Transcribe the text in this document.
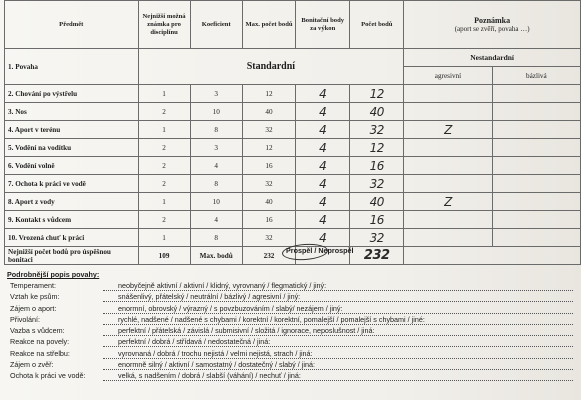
Předmět	Nejnižší možná známka pro disciplínu	Koeficient	Max. počet bodů	Bonitační body za výkon	Počet bodů	Poznámka
(aport se zvěří, povaha …)	

1. Povaha	Standardní					Nestandardní	
						agresivní	bázlivá
2. Chování po výstřelu	1	3	12	4	12		
3. Nos	2	10	40	4	40		
4. Aport v terénu	1	8	32	4	32	Z	
5. Vodění na vodítku	2	3	12	4	12		
6. Vodění volně	2	4	16	4	16		
7. Ochota k práci ve vodě	2	8	32	4	32		
8. Aport z vody	1	10	40	4	40	Z	
9. Kontakt s vůdcem	2	4	16	4	16		
10. Vrozená chuť k práci	1	8	32	4	32		
Nejnižší počet bodů pro úspěšnou bonitaci	109	Max. bodů	232		232		
Prospěl / Neprospěl
Podrobnější popis povahy:
Temperament:	neobyčejně aktivní / aktivní / klidný, vyrovnaný / flegmatický / jiný:
Vztah ke psům:	snášenlivý, přátelský / neutrální / bázlivý / agresivní / jiný:
Zájem o aport:	enormní, obrovský / výrazný / s povzbuzováním / slabý/ nezájem / jiný:
Přivolání:	rychlé, nadšené / nadšené s chybami / korektní / korektní, pomalejší / pomalejší s chybami / jiné:
Vazba s vůdcem:	perfektní / přátelská / závislá / submisivní / složitá / ignorace, neposlušnost / jiná:
Reakce na povely:	perfektní / dobrá / střídavá / nedostatečná / jiná:
Reakce na střelbu:	vyrovnaná / dobrá / trochu nejistá / velmi nejistá, strach / jiná:
Zájem o zvěř:	enormně silný / aktivní / samostatný / dostatečný / slabý / jiná:
Ochota k práci ve vodě:	velká, s nadšením / dobrá / slabší (váhání) / nechuť / jiná:
